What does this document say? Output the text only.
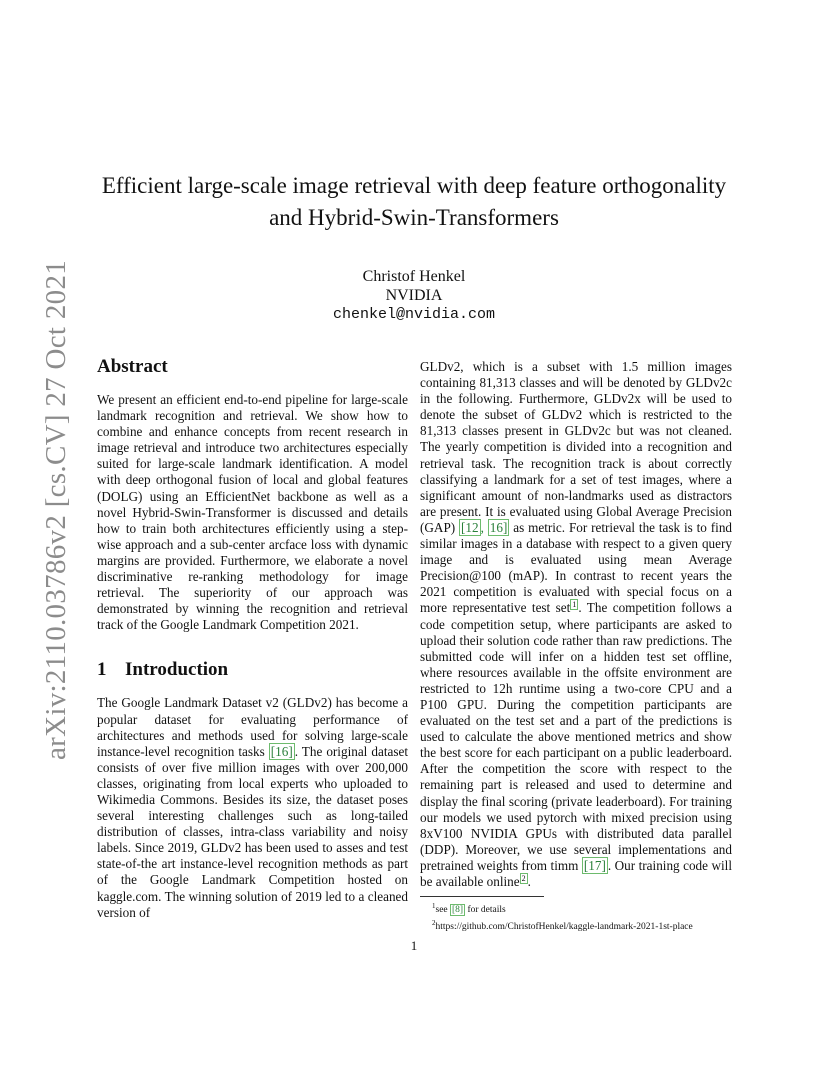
arXiv:2110.03786v2 [cs.CV] 27 Oct 2021
Efficient large-scale image retrieval with deep feature orthogonality
and Hybrid-Swin-Transformers
Christof Henkel
NVIDIA
chenkel@nvidia.com
Abstract

We present an efficient end-to-end pipeline for large-scale landmark recognition and retrieval. We show how to combine and enhance concepts from recent research in image retrieval and introduce two architectures especially suited for large-scale landmark identification. A model with deep orthogonal fusion of local and global features (DOLG) using an EfficientNet backbone as well as a novel Hybrid-Swin-Transformer is discussed and details how to train both architectures efficiently using a step-wise approach and a sub-center arcface loss with dynamic margins are provided. Furthermore, we elaborate a novel discriminative re-ranking methodology for image retrieval. The superiority of our approach was demonstrated by winning the recognition and retrieval track of the Google Landmark Competition 2021.

1 Introduction

The Google Landmark Dataset v2 (GLDv2) has become a popular dataset for evaluating performance of architectures and methods used for solving large-scale instance-level recognition tasks [16] . The original dataset consists of over five million images with over 200,000 classes, originating from local experts who uploaded to Wikimedia Commons. Besides its size, the dataset poses several interesting challenges such as long-tailed distribution of classes, intra-class variability and noisy labels. Since 2019, GLDv2 has been used to asses and test state-of-the art instance-level recognition methods as part of the Google Landmark Competition hosted on kaggle.com. The winning solution of 2019 led to a cleaned version of

GLDv2, which is a subset with 1.5 million images containing 81,313 classes and will be denoted by GLDv2c in the following. Furthermore, GLDv2x will be used to denote the subset of GLDv2 which is restricted to the 81,313 classes present in GLDv2c but was not cleaned. The yearly competition is divided into a recognition and retrieval task. The recognition track is about correctly classifying a landmark for a set of test images, where a significant amount of non-landmarks used as distractors are present. It is evaluated using Global Average Precision (GAP) [12 , 16] as metric. For retrieval the task is to find similar images in a database with respect to a given query image and is evaluated using mean Average Precision@100 (mAP). In contrast to recent years the 2021 competition is evaluated with special focus on a more representative test set $^1$ . The competition follows a code competition setup, where participants are asked to upload their solution code rather than raw predictions. The submitted code will infer on a hidden test set offline, where resources available in the offsite environment are restricted to 12h runtime using a two-core CPU and a P100 GPU. During the competition participants are evaluated on the test set and a part of the predictions is used to calculate the above mentioned metrics and show the best score for each participant on a public leaderboard. After the competition the score with respect to the remaining part is released and used to determine and display the final scoring (private leaderboard). For training our models we used pytorch with mixed precision using 8xV100 NVIDIA GPUs with distributed data parallel (DDP). Moreover, we use several implementations and pretrained weights from timm [17] . Our training code will be available online $^2$ .

$^1$see [8] for details
$^2$https://github.com/ChristofHenkel/kaggle-landmark-2021-1st-place
1
